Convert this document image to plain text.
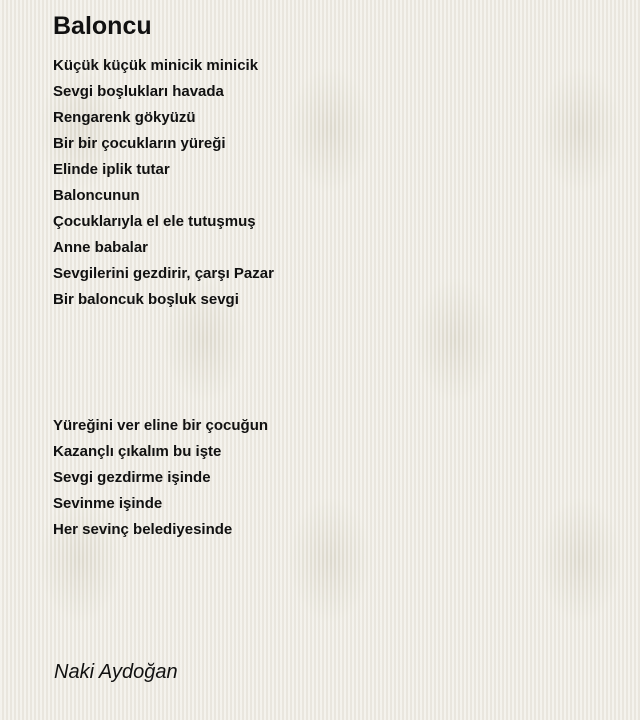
Baloncu
Küçük küçük minicik minicik
Sevgi boşlukları havada
Rengarenk gökyüzü
Bir bir çocukların yüreği
Elinde iplik tutar
Baloncunun
Çocuklarıyla el ele tutuşmuş
Anne babalar
Sevgilerini gezdirir, çarşı Pazar
Bir baloncuk boşluk sevgi
Yüreğini ver eline bir çocuğun
Kazançlı çıkalım bu işte
Sevgi gezdirme işinde
Sevinme işinde
Her sevinç belediyesinde

Naki Aydoğan
